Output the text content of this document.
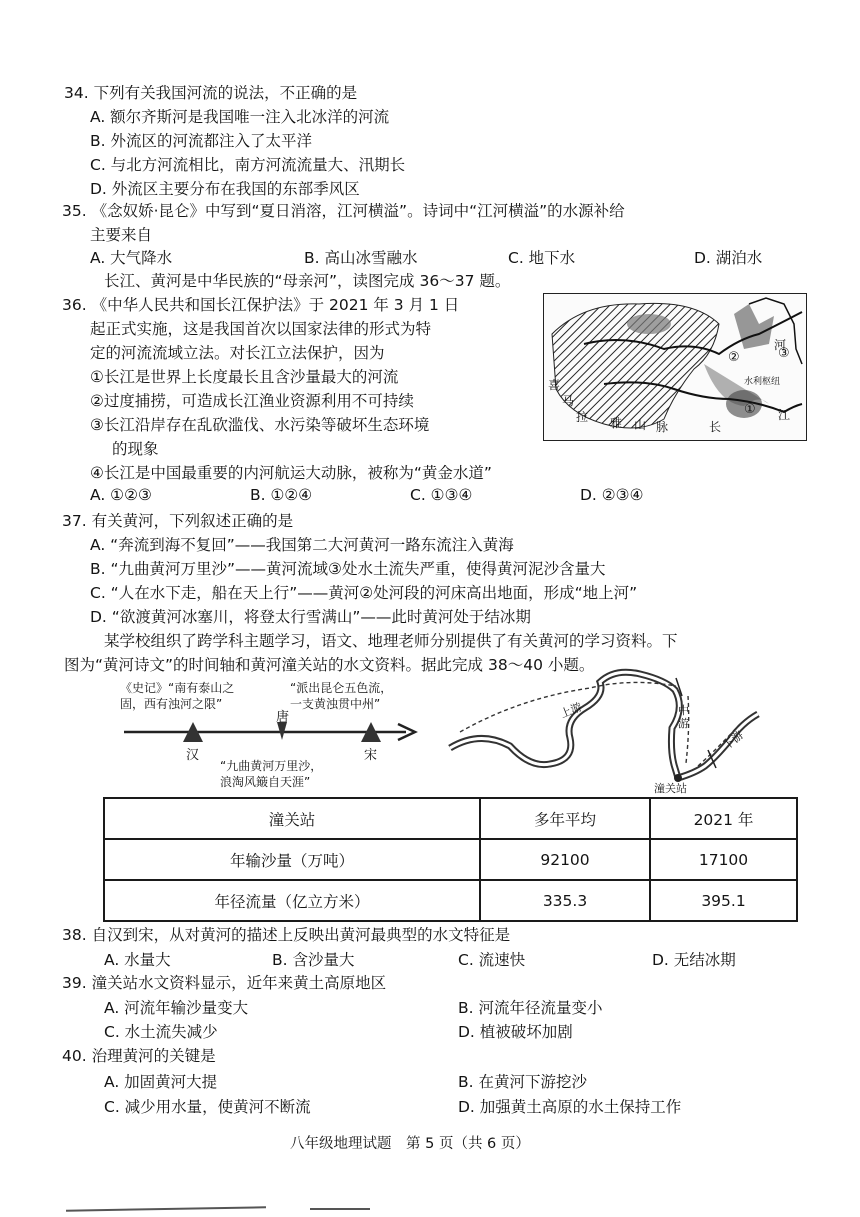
34. 下列有关我国河流的说法，不正确的是
A. 额尔齐斯河是我国唯一注入北冰洋的河流
B. 外流区的河流都注入了太平洋
C. 与北方河流相比，南方河流流量大、汛期长
D. 外流区主要分布在我国的东部季风区
35. 《念奴娇·昆仑》中写到“夏日消溶，江河横溢”。诗词中“江河横溢”的水源补给
主要来自
A. 大气降水	B. 高山冰雪融水	C. 地下水	D. 湖泊水
长江、黄河是中华民族的“母亲河”，读图完成 36～37 题。
36. 《中华人民共和国长江保护法》于 2021 年 3 月 1 日
起正式实施，这是我国首次以国家法律的形式为特
定的河流流域立法。对长江立法保护，因为
①长江是世界上长度最长且含沙量最大的河流
②过度捕捞，可造成长江渔业资源利用不可持续
③长江沿岸存在乱砍滥伐、水污染等破坏生态环境
的现象
④长江是中国最重要的内河航运大动脉，被称为“黄金水道”
A. ①②③	B. ①②④	C. ①③④	D. ②③④
河
水利枢纽
喜
马
拉 雅 山 脉	长
江
①
②	③
37. 有关黄河，下列叙述正确的是
A. “奔流到海不复回”——我国第二大河黄河一路东流注入黄海
B. “九曲黄河万里沙”——黄河流域③处水土流失严重，使得黄河泥沙含量大
C. “人在水下走，船在天上行”——黄河②处河段的河床高出地面，形成“地上河”
D. “欲渡黄河冰塞川，将登太行雪满山”——此时黄河处于结冰期
某学校组织了跨学科主题学习，语文、地理老师分别提供了有关黄河的学习资料。下
图为“黄河诗文”的时间轴和黄河潼关站的水文资料。据此完成 38～40 小题。
《史记》“南有泰山之
固，西有浊河之限”
“派出昆仑五色流，
一支黄浊贯中州”
汉
唐
宋
“九曲黄河万里沙，
浪淘风簸自天涯”
上游	中游
下游
潼关站
潼关站	多年平均	2021 年
年输沙量（万吨）	92100	17100
年径流量（亿立方米）	335.3	395.1
38. 自汉到宋，从对黄河的描述上反映出黄河最典型的水文特征是
A. 水量大	B. 含沙量大	C. 流速快	D. 无结冰期
39. 潼关站水文资料显示，近年来黄土高原地区
A. 河流年输沙量变大	B. 河流年径流量变小
C. 水土流失减少	D. 植被破坏加剧
40. 治理黄河的关键是
A. 加固黄河大提	B. 在黄河下游挖沙
C. 减少用水量，使黄河不断流	D. 加强黄土高原的水土保持工作
八年级地理试题　第 5 页（共 6 页）
